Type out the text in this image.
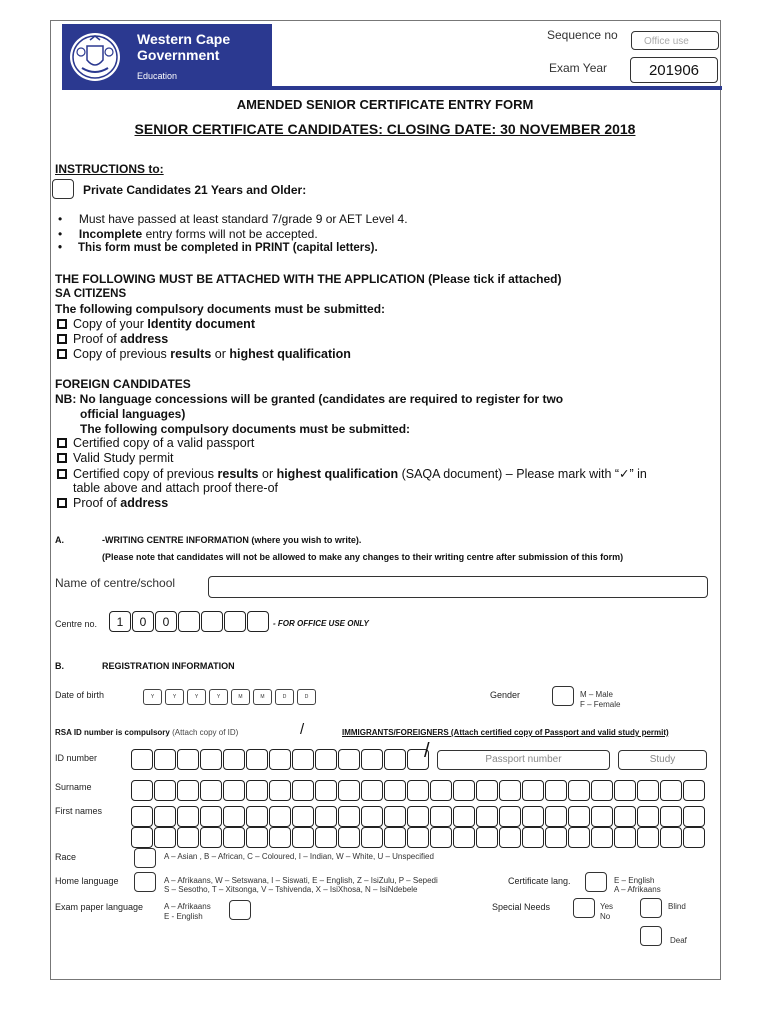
Western Cape
Government
Education
Sequence no	Office use
Exam Year	201906
AMENDED SENIOR CERTIFICATE ENTRY FORM
SENIOR CERTIFICATE CANDIDATES: CLOSING DATE: 30 NOVEMBER 2018
INSTRUCTIONS to:
Private Candidates 21 Years and Older:
•     Must have passed at least standard 7/grade 9 or AET Level 4.
•     Incomplete entry forms will not be accepted.
•     This form must be completed in PRINT (capital letters).
THE FOLLOWING MUST BE ATTACHED WITH THE APPLICATION (Please tick if attached)
SA CITIZENS
The following compulsory documents must be submitted:
Copy of your Identity document
Proof of address
Copy of previous results or highest qualification
FOREIGN CANDIDATES
NB: No language concessions will be granted (candidates are required to register for two
official languages)
The following compulsory documents must be submitted:
Certified copy of a valid passport
Valid Study permit
Certified copy of previous results or highest qualification (SAQA document) – Please mark with “✓” in
table above and attach proof there-of
Proof of address
A.	-WRITING CENTRE INFORMATION (where you wish to write).
(Please note that candidates will not be allowed to make any changes to their writing centre after submission of this form)
Name of centre/school
Centre no.	1	0	0	- FOR OFFICE USE ONLY
B.	REGISTRATION INFORMATION
Date of birth	Y	Y	Y	Y	M	M	D	D	Gender	M – Male
F – Female
RSA ID number is compulsory (Attach copy of ID)	/	IMMIGRANTS/FOREIGNERS (Attach certified copy of Passport and valid study permit)
ID number	/	Passport number	Study
Surname
First names
Race	A – Asian , B – African, C – Coloured, I – Indian, W – White, U – Unspecified
Home language	A – Afrikaans, W – Setswana, I – Siswati, E – English, Z – IsiZulu, P – Sepedi
S – Sesotho, T – Xitsonga, V – Tshivenda, X – IsiXhosa, N – IsiNdebele
Certificate lang.	E – English
A – Afrikaans
Exam paper language	A – Afrikaans
E - English
Special Needs	Yes
No
Blind
Deaf
